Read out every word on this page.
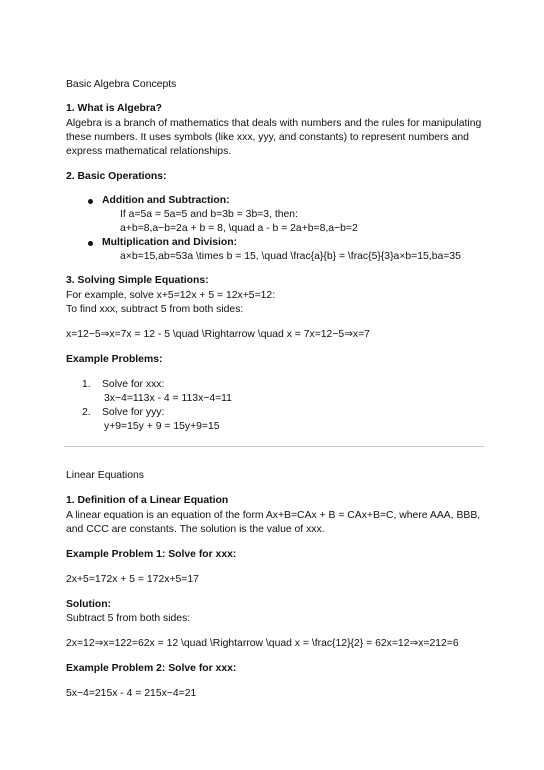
Basic Algebra Concepts

1. What is Algebra?

Algebra is a branch of mathematics that deals with numbers and the rules for manipulating these numbers. It uses symbols (like xxx, yyy, and constants) to represent numbers and express mathematical relationships.

2. Basic Operations:

Addition and Subtraction:
If a=5a = 5a=5 and b=3b = 3b=3, then:
a+b=8,a−b=2a + b = 8, \quad a - b = 2a+b=8,a−b=2
Multiplication and Division:
a×b=15,ab=53a \times b = 15, \quad \frac{a}{b} = \frac{5}{3}a×b=15,ba=35

3. Solving Simple Equations:

For example, solve x+5=12x + 5 = 12x+5=12:

To find xxx, subtract 5 from both sides:

x=12−5⇒x=7x = 12 - 5 \quad \Rightarrow \quad x = 7x=12−5⇒x=7

Example Problems:

1. Solve for xxx:
3x−4=113x - 4 = 113x−4=11
2. Solve for yyy:
y+9=15y + 9 = 15y+9=15

Linear Equations

1. Definition of a Linear Equation

A linear equation is an equation of the form Ax+B=CAx + B = CAx+B=C, where AAA, BBB, and CCC are constants. The solution is the value of xxx.

Example Problem 1: Solve for xxx:

2x+5=172x + 5 = 172x+5=17

Solution:

Subtract 5 from both sides:

2x=12⇒x=122=62x = 12 \quad \Rightarrow \quad x = \frac{12}{2} = 62x=12⇒x=212=6

Example Problem 2: Solve for xxx:

5x−4=215x - 4 = 215x−4=21
